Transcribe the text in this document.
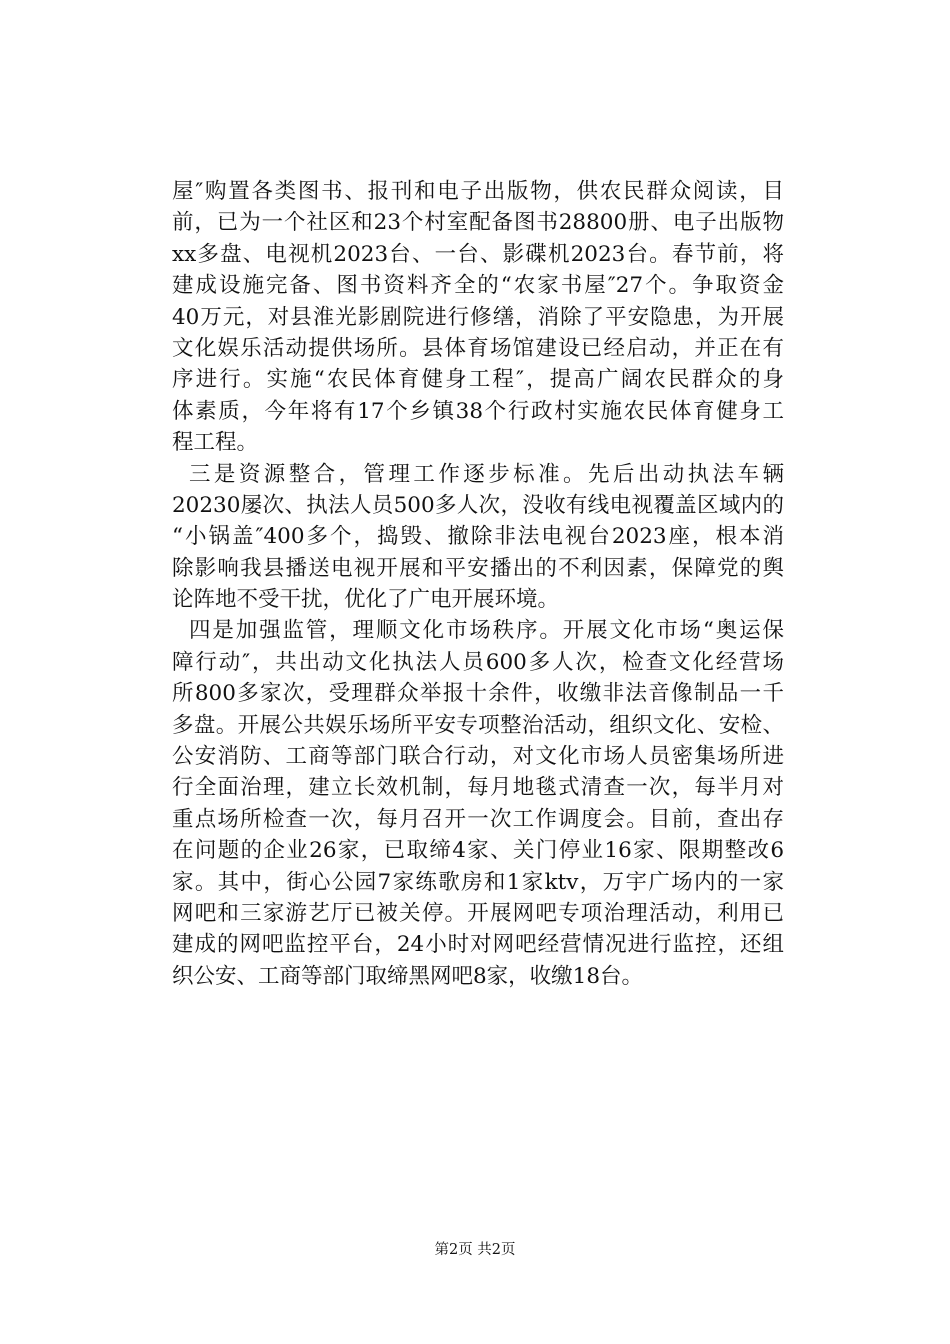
屋″购置各类图书、报刊和电子出版物，供农民群众阅读，目
前，已为一个社区和23个村室配备图书28800册、电子出版物
xx多盘、电视机2023台、一台、影碟机2023台。春节前，将
建成设施完备、图书资料齐全的“农家书屋″27个。争取资金
40万元，对县淮光影剧院进行修缮，消除了平安隐患，为开展
文化娱乐活动提供场所。县体育场馆建设已经启动，并正在有
序进行。实施“农民体育健身工程″，提高广阔农民群众的身
体素质，今年将有17个乡镇38个行政村实施农民体育健身工
程工程。
三是资源整合，管理工作逐步标准。先后出动执法车辆
20230屡次、执法人员500多人次，没收有线电视覆盖区域内的
“小锅盖″400多个，捣毁、撤除非法电视台2023座，根本消
除影响我县播送电视开展和平安播出的不利因素，保障党的舆
论阵地不受干扰，优化了广电开展环境。
四是加强监管，理顺文化市场秩序。开展文化市场“奥运保
障行动″，共出动文化执法人员600多人次，检查文化经营场
所800多家次，受理群众举报十余件，收缴非法音像制品一千
多盘。开展公共娱乐场所平安专项整治活动，组织文化、安检、
公安消防、工商等部门联合行动，对文化市场人员密集场所进
行全面治理，建立长效机制，每月地毯式清查一次，每半月对
重点场所检查一次，每月召开一次工作调度会。目前，查出存
在问题的企业26家，已取缔4家、关门停业16家、限期整改6
家。其中，街心公园7家练歌房和1家ktv，万宇广场内的一家
网吧和三家游艺厅已被关停。开展网吧专项治理活动，利用已
建成的网吧监控平台，24小时对网吧经营情况进行监控，还组
织公安、工商等部门取缔黑网吧8家，收缴18台。
第2页 共2页
